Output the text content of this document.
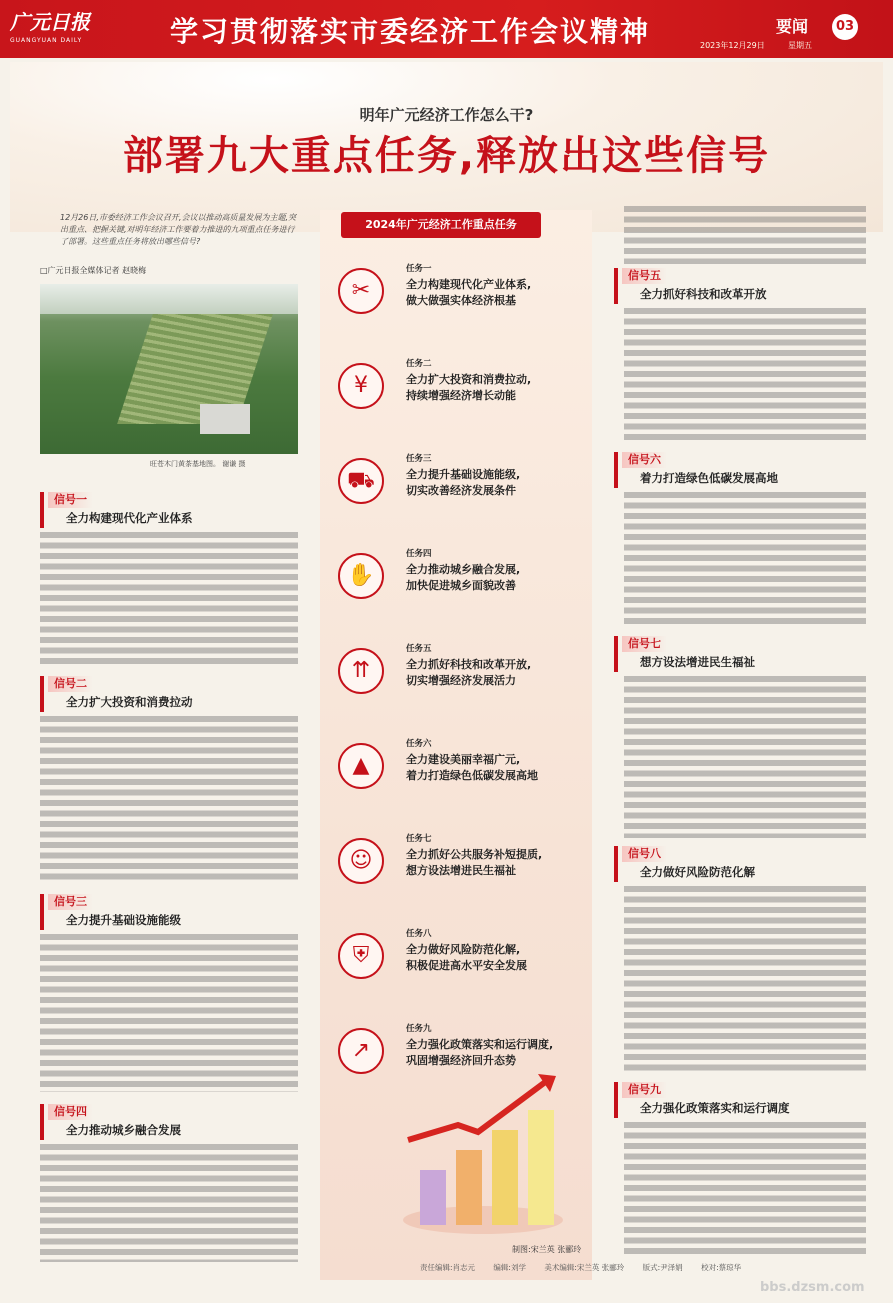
广元日报
GUANGYUAN DAILY	学习贯彻落实市委经济工作会议精神	要闻	03
2023年12月29日	星期五
明年广元经济工作怎么干?
部署九大重点任务,释放出这些信号
12月26日,市委经济工作会议召开,会议以推动高质量发展为主题,突出重点、把握关键,对明年经济工作要着力推进的九项重点任务进行了部署。这些重点任务将放出哪些信号?
□广元日报全媒体记者 赵晓梅
旺苍木门黄茶基地图。 谢谦 摄
信号一
全力构建现代化产业体系
信号二
全力扩大投资和消费拉动
信号三
全力提升基础设施能级
信号四
全力推动城乡融合发展
2024年广元经济工作重点任务
✂
任务一
全力构建现代化产业体系,
做大做强实体经济根基
¥
任务二
全力扩大投资和消费拉动,
持续增强经济增长动能
⛟
任务三
全力提升基础设施能级,
切实改善经济发展条件
✋
任务四
全力推动城乡融合发展,
加快促进城乡面貌改善
⇈
任务五
全力抓好科技和改革开放,
切实增强经济发展活力
▲
任务六
全力建设美丽幸福广元,
着力打造绿色低碳发展高地
☺
任务七
全力抓好公共服务补短提质,
想方设法增进民生福祉
⛨
任务八
全力做好风险防范化解,
积极促进高水平安全发展
↗
任务九
全力强化政策落实和运行调度,
巩固增强经济回升态势
制图:宋兰英 张郦玲
信号五
全力抓好科技和改革开放
信号六
着力打造绿色低碳发展高地
信号七
想方设法增进民生福祉
信号八
全力做好风险防范化解
信号九
全力强化政策落实和运行调度
责任编辑:肖志元 编辑:刘学 美术编辑:宋兰英 张郦玲 版式:尹泽娟 校对:蔡琼华
bbs.dzsm.com
